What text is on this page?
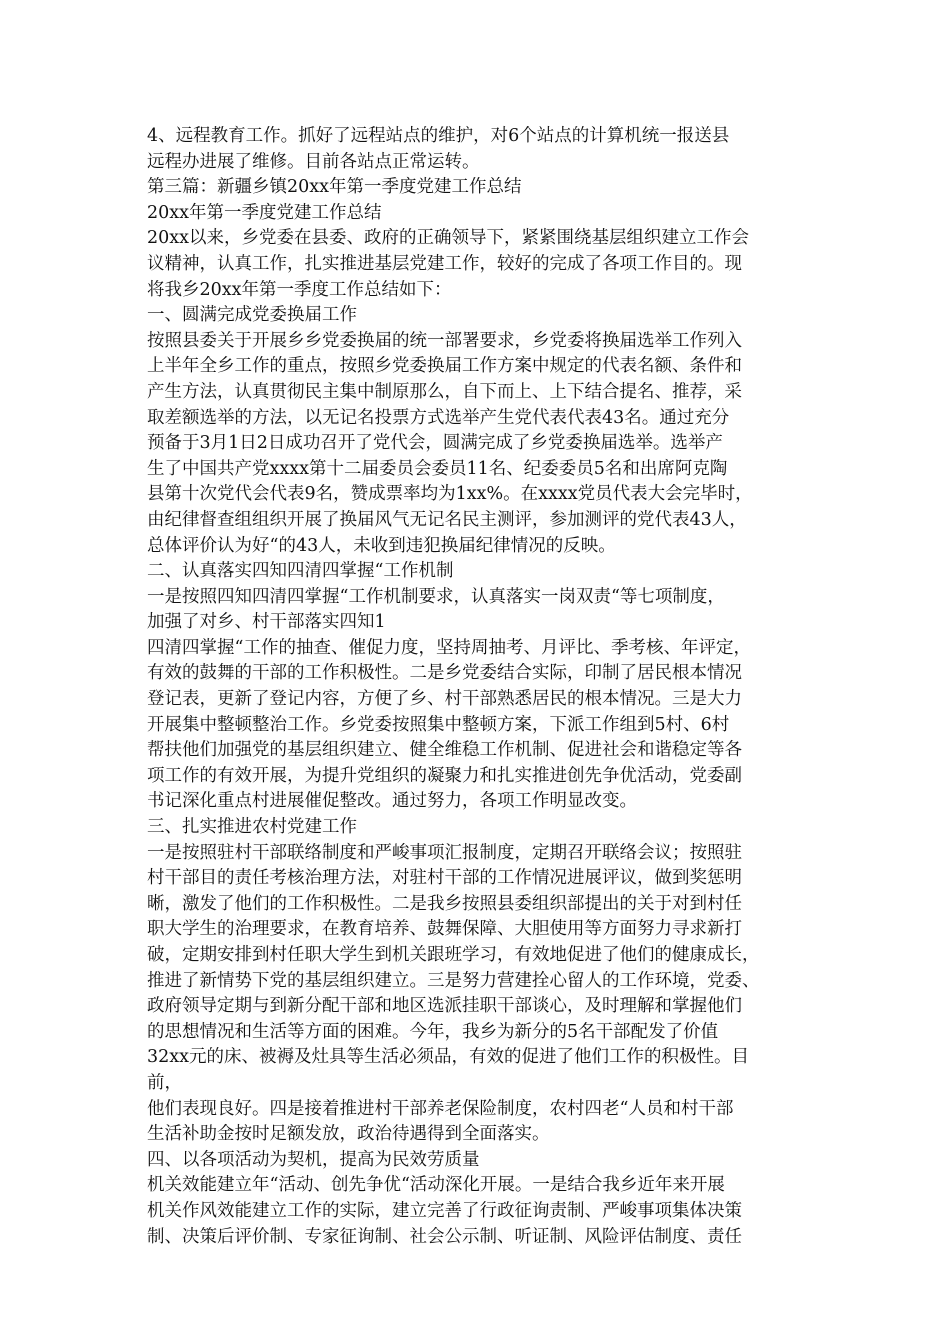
4、远程教育工作。抓好了远程站点的维护，对6个站点的计算机统一报送县
远程办进展了维修。目前各站点正常运转。
第三篇：新疆乡镇20xx年第一季度党建工作总结
20xx年第一季度党建工作总结
20xx以来，乡党委在县委、政府的正确领导下，紧紧围绕基层组织建立工作会
议精神，认真工作，扎实推进基层党建工作，较好的完成了各项工作目的。现
将我乡20xx年第一季度工作总结如下：
一、圆满完成党委换届工作
按照县委关于开展乡乡党委换届的统一部署要求，乡党委将换届选举工作列入
上半年全乡工作的重点，按照乡党委换届工作方案中规定的代表名额、条件和
产生方法，认真贯彻民主集中制原那么，自下而上、上下结合提名、推荐，采
取差额选举的方法，以无记名投票方式选举产生党代表代表43名。通过充分
预备于3月1日2日成功召开了党代会，圆满完成了乡党委换届选举。选举产
生了中国共产党xxxx第十二届委员会委员11名、纪委委员5名和出席阿克陶
县第十次党代会代表9名，赞成票率均为1xx%。在xxxx党员代表大会完毕时，
由纪律督查组组织开展了换届风气无记名民主测评，参加测评的党代表43人，
总体评价认为好“的43人，未收到违犯换届纪律情况的反映。
二、认真落实四知四清四掌握“工作机制
一是按照四知四清四掌握“工作机制要求，认真落实一岗双责“等七项制度，
加强了对乡、村干部落实四知1
四清四掌握“工作的抽查、催促力度，坚持周抽考、月评比、季考核、年评定，
有效的鼓舞的干部的工作积极性。二是乡党委结合实际，印制了居民根本情况
登记表，更新了登记内容，方便了乡、村干部熟悉居民的根本情况。三是大力
开展集中整顿整治工作。乡党委按照集中整顿方案，下派工作组到5村、6村
帮扶他们加强党的基层组织建立、健全维稳工作机制、促进社会和谐稳定等各
项工作的有效开展，为提升党组织的凝聚力和扎实推进创先争优活动，党委副
书记深化重点村进展催促整改。通过努力，各项工作明显改变。
三、扎实推进农村党建工作
一是按照驻村干部联络制度和严峻事项汇报制度，定期召开联络会议；按照驻
村干部目的责任考核治理方法，对驻村干部的工作情况进展评议，做到奖惩明
晰，激发了他们的工作积极性。二是我乡按照县委组织部提出的关于对到村任
职大学生的治理要求，在教育培养、鼓舞保障、大胆使用等方面努力寻求新打
破，定期安排到村任职大学生到机关跟班学习，有效地促进了他们的健康成长，
推进了新情势下党的基层组织建立。三是努力营建拴心留人的工作环境，党委、
政府领导定期与到新分配干部和地区选派挂职干部谈心，及时理解和掌握他们
的思想情况和生活等方面的困难。今年，我乡为新分的5名干部配发了价值
32xx元的床、被褥及灶具等生活必须品，有效的促进了他们工作的积极性。目
前，
他们表现良好。四是接着推进村干部养老保险制度，农村四老“人员和村干部
生活补助金按时足额发放，政治待遇得到全面落实。
四、以各项活动为契机，提高为民效劳质量
机关效能建立年“活动、创先争优“活动深化开展。一是结合我乡近年来开展
机关作风效能建立工作的实际，建立完善了行政征询责制、严峻事项集体决策
制、决策后评价制、专家征询制、社会公示制、听证制、风险评估制度、责任
